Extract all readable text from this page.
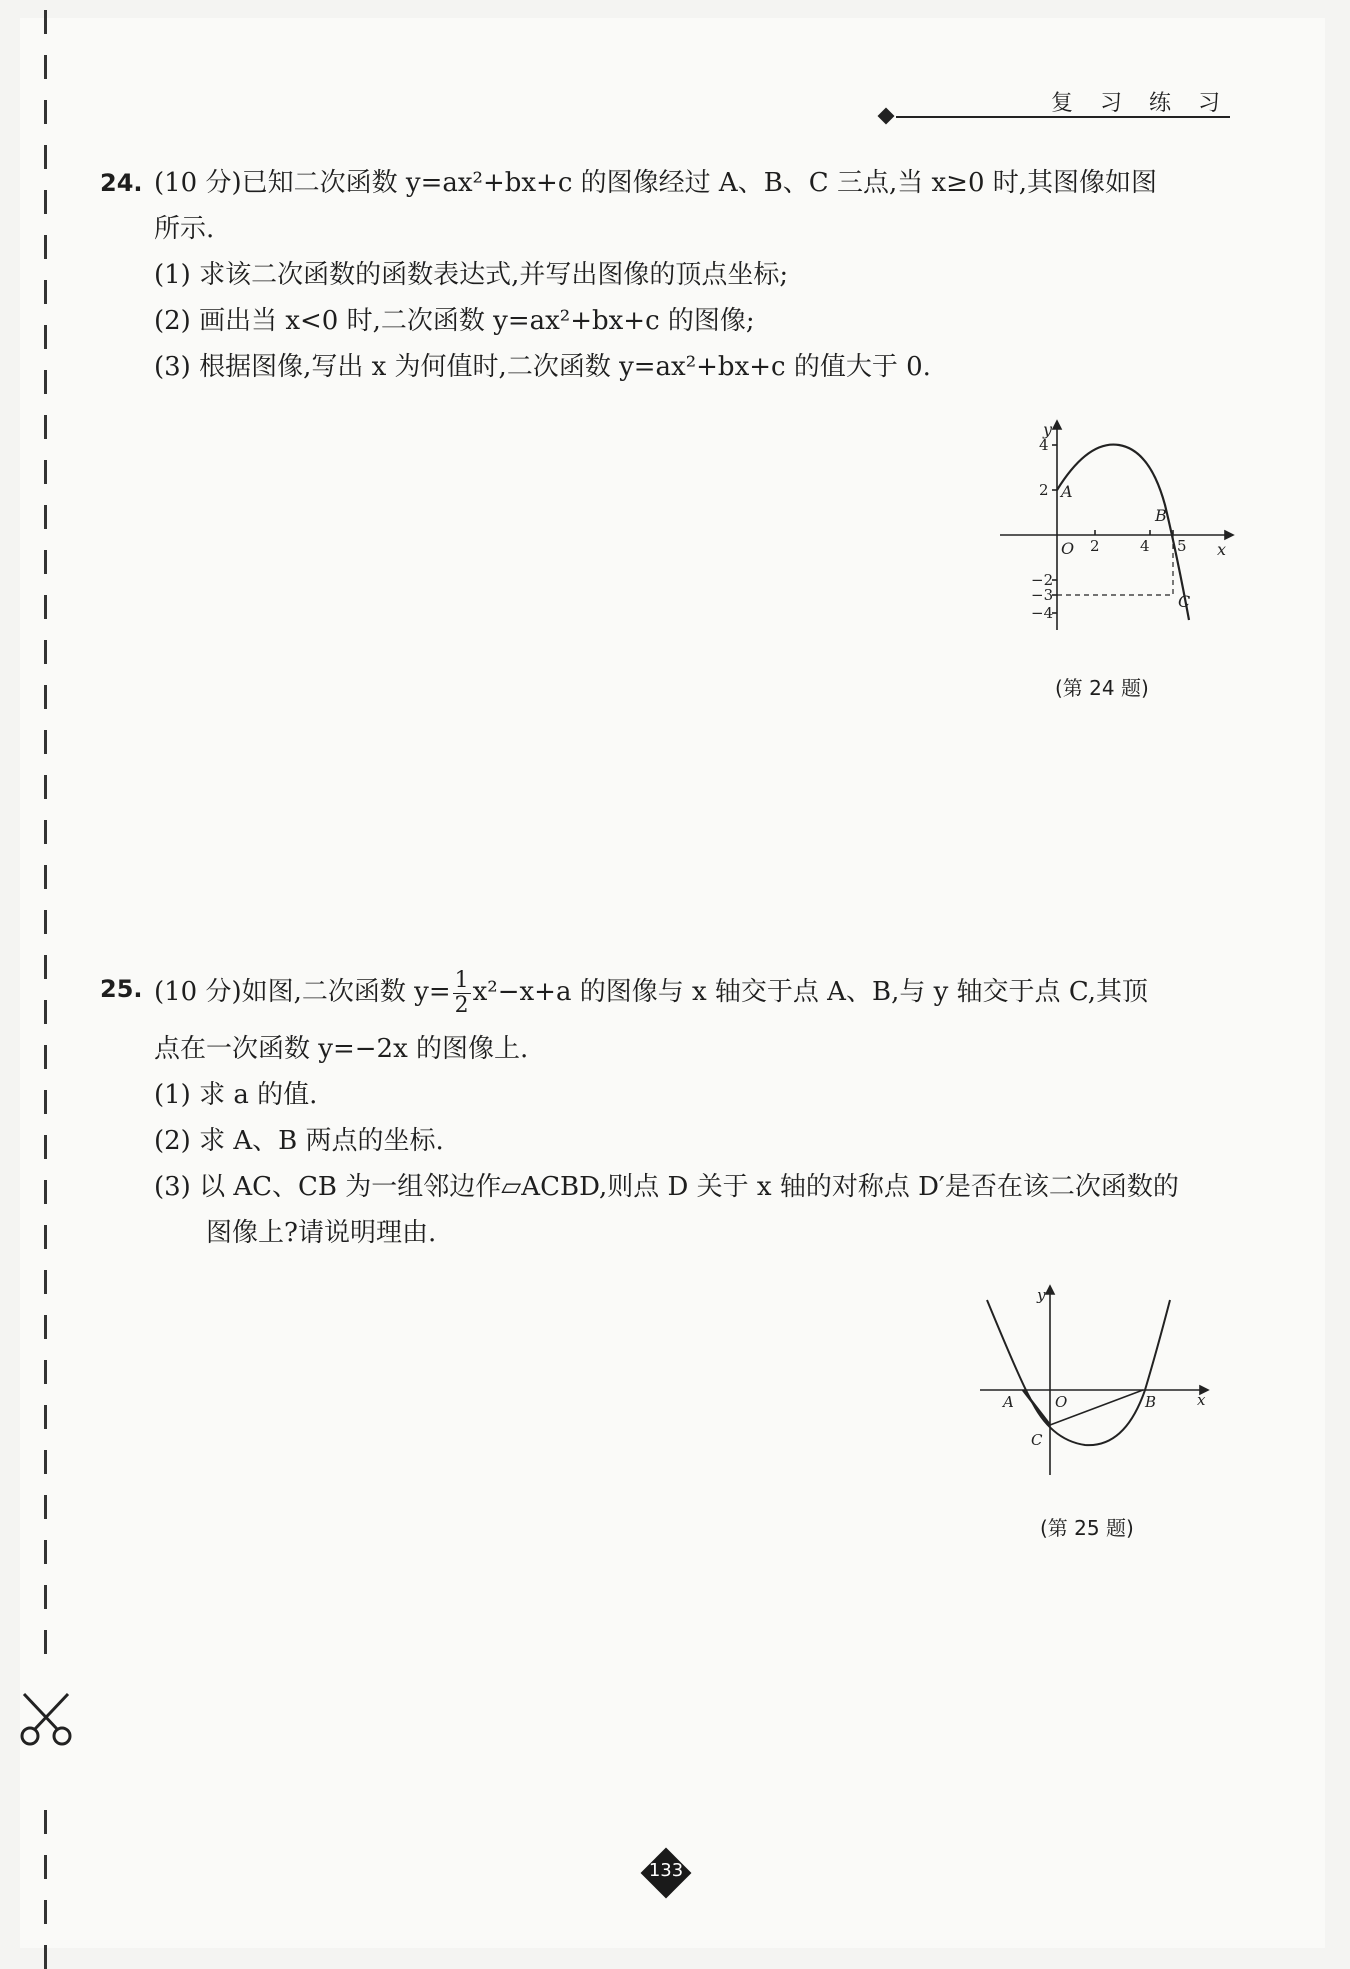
复 习 练 习
24. (10 分)已知二次函数 y=ax²+bx+c 的图像经过 A、B、C 三点,当 x≥0 时,其图像如图
所示.
(1) 求该二次函数的函数表达式,并写出图像的顶点坐标;
(2) 画出当 x<0 时,二次函数 y=ax²+bx+c 的图像;
(3) 根据图像,写出 x 为何值时,二次函数 y=ax²+bx+c 的值大于 0.
y
x
O
A
B
C
2	4 5
4
2
−2
−3
−4
(第 24 题)
25. (10 分)如图,二次函数 $y= \frac{1}{2} x^2-x+a$ 的图像与 x 轴交于点 A、B,与 y 轴交于点 C,其顶
点在一次函数 y=−2x 的图像上.
(1) 求 a 的值.
(2) 求 A、B 两点的坐标.
(3) 以 AC、CB 为一组邻边作▱ACBD,则点 D 关于 x 轴的对称点 D′是否在该二次函数的
图像上?请说明理由.
y
x
O
A	B
C
(第 25 题)
133
